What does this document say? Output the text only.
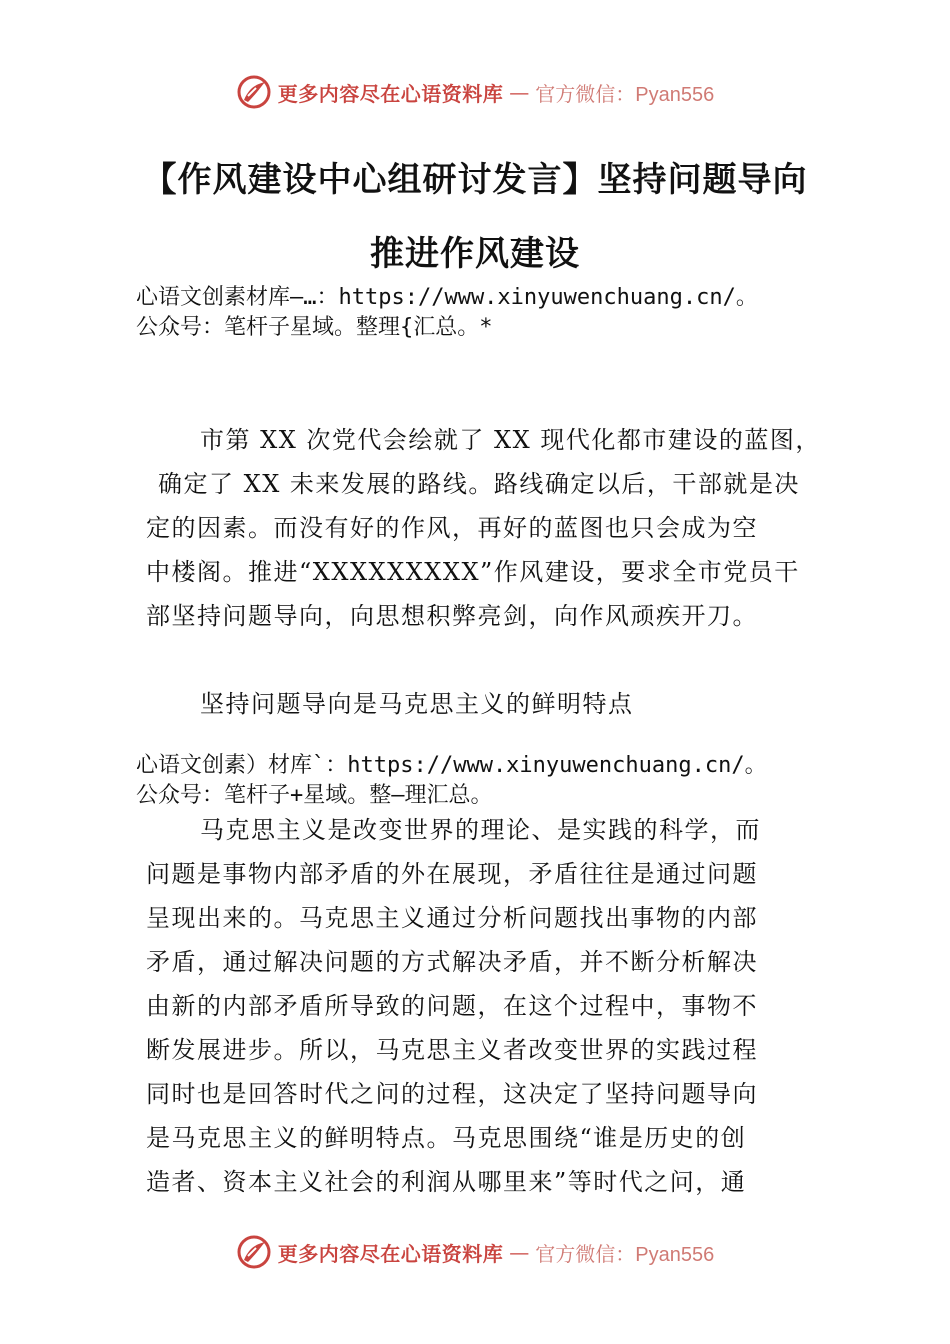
更多内容尽在心语资料库 — 官方微信：Pyan556
【作风建设中心组研讨发言】坚持问题导向
推进作风建设
心语文创素材库—…：https://www.xinyuwenchuang.cn/。
公众号：笔杆子星域。整理{汇总。*
市第 XX 次党代会绘就了 XX 现代化都市建设的蓝图，
确定了 XX 未来发展的路线。路线确定以后，干部就是决
定的因素。而没有好的作风，再好的蓝图也只会成为空
中楼阁。推进“XXXXXXXXX”作风建设，要求全市党员干
部坚持问题导向，向思想积弊亮剑，向作风顽疾开刀。
坚持问题导向是马克思主义的鲜明特点
心语文创素）材库`：https://www.xinyuwenchuang.cn/。
公众号：笔杆子+星域。整—理汇总。
马克思主义是改变世界的理论、是实践的科学，而
问题是事物内部矛盾的外在展现，矛盾往往是通过问题
呈现出来的。马克思主义通过分析问题找出事物的内部
矛盾，通过解决问题的方式解决矛盾，并不断分析解决
由新的内部矛盾所导致的问题，在这个过程中，事物不
断发展进步。所以，马克思主义者改变世界的实践过程
同时也是回答时代之问的过程，这决定了坚持问题导向
是马克思主义的鲜明特点。马克思围绕“谁是历史的创
造者、资本主义社会的利润从哪里来”等时代之问，通
更多内容尽在心语资料库 — 官方微信：Pyan556
